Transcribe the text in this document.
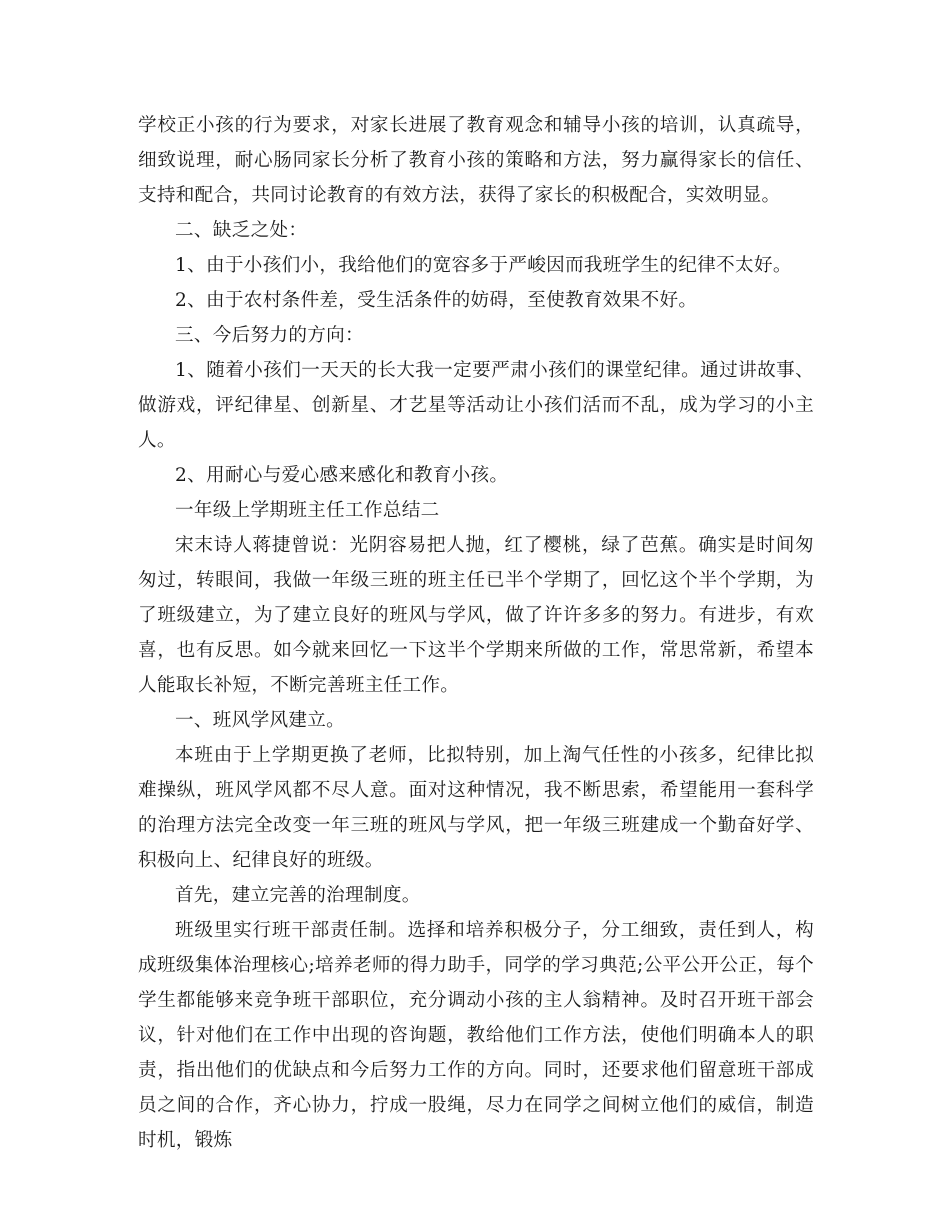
学校正小孩的行为要求，对家长进展了教育观念和辅导小孩的培训，认真疏导，细致说理，耐心肠同家长分析了教育小孩的策略和方法，努力赢得家长的信任、支持和配合，共同讨论教育的有效方法，获得了家长的积极配合，实效明显。

二、缺乏之处：

1、由于小孩们小，我给他们的宽容多于严峻因而我班学生的纪律不太好。

2、由于农村条件差，受生活条件的妨碍，至使教育效果不好。

三、今后努力的方向：

1、随着小孩们一天天的长大我一定要严肃小孩们的课堂纪律。通过讲故事、做游戏，评纪律星、创新星、才艺星等活动让小孩们活而不乱，成为学习的小主人。

2、用耐心与爱心感来感化和教育小孩。

一年级上学期班主任工作总结二

宋末诗人蒋捷曾说：光阴容易把人抛，红了樱桃，绿了芭蕉。确实是时间匆匆过，转眼间，我做一年级三班的班主任已半个学期了，回忆这个半个学期，为了班级建立，为了建立良好的班风与学风，做了许许多多的努力。有进步，有欢喜，也有反思。如今就来回忆一下这半个学期来所做的工作，常思常新，希望本人能取长补短，不断完善班主任工作。

一、班风学风建立。

本班由于上学期更换了老师，比拟特别，加上淘气任性的小孩多，纪律比拟难操纵，班风学风都不尽人意。面对这种情况，我不断思索，希望能用一套科学的治理方法完全改变一年三班的班风与学风，把一年级三班建成一个勤奋好学、积极向上、纪律良好的班级。

首先，建立完善的治理制度。

班级里实行班干部责任制。选择和培养积极分子，分工细致，责任到人，构成班级集体治理核心;培养老师的得力助手，同学的学习典范;公平公开公正，每个学生都能够来竞争班干部职位，充分调动小孩的主人翁精神。及时召开班干部会议，针对他们在工作中出现的咨询题，教给他们工作方法，使他们明确本人的职责，指出他们的优缺点和今后努力工作的方向。同时，还要求他们留意班干部成员之间的合作，齐心协力，拧成一股绳，尽力在同学之间树立他们的威信，制造时机，锻炼
